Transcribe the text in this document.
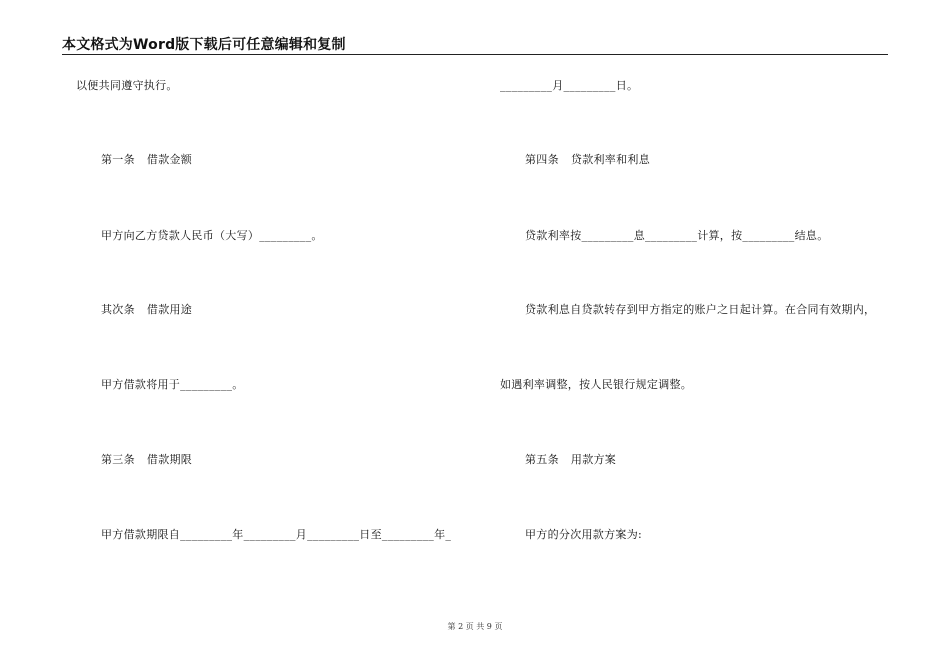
本文格式为Word版下载后可任意编辑和复制
以便共同遵守执行。
第一条 借款金额
甲方向乙方贷款人民币（大写）_________。
其次条 借款用途
甲方借款将用于_________。
第三条 借款期限
甲方借款期限自_________年_________月_________日至_________年_
_________月_________日。
第四条 贷款利率和利息
贷款利率按_________息_________计算，按_________结息。
贷款利息自贷款转存到甲方指定的账户之日起计算。在合同有效期内，
如遇利率调整，按人民银行规定调整。
第五条 用款方案
甲方的分次用款方案为:
第 2 页 共 9 页
